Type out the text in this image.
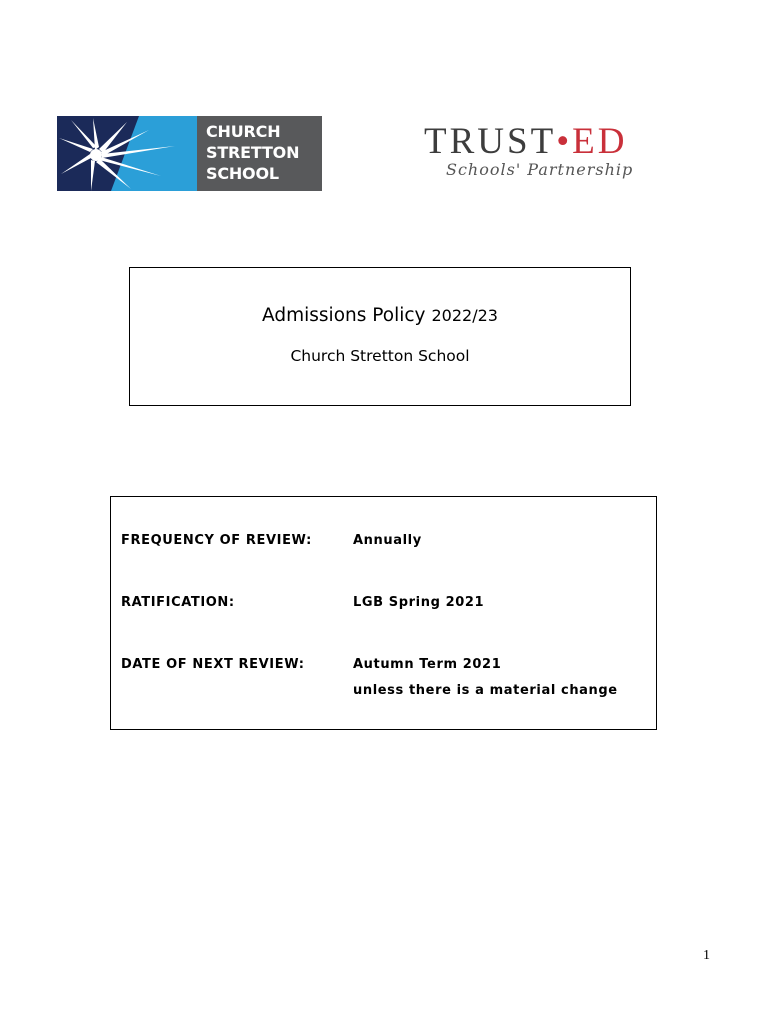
CHURCH
STRETTON
SCHOOL
TRUST•ED
Schools' Partnership
Admissions Policy 2022/23
Church Stretton School
FREQUENCY OF REVIEW:	Annually
RATIFICATION:	LGB Spring 2021
DATE OF NEXT REVIEW:	Autumn Term 2021
unless there is a material change
1
